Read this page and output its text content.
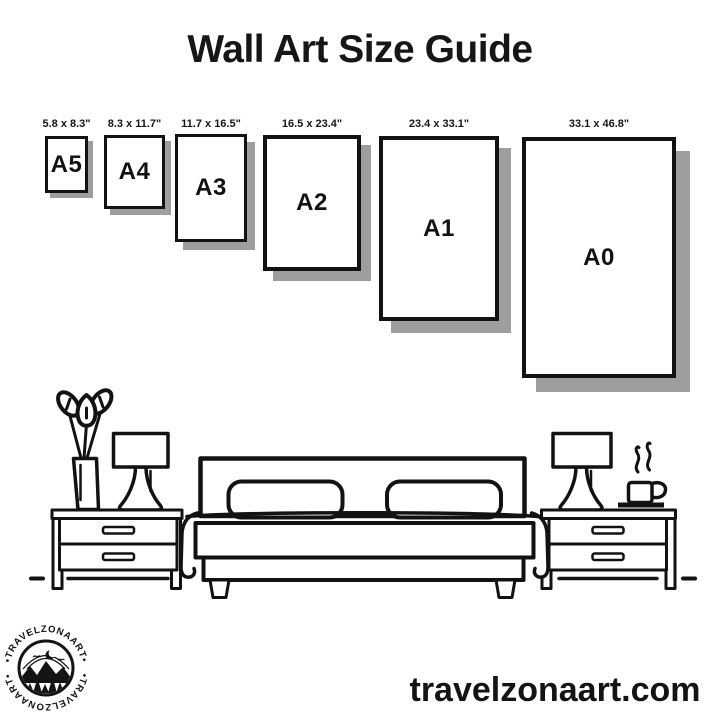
Wall Art Size Guide
5.8 x 8.3"	8.3 x 11.7"	11.7 x 16.5"	16.5 x 23.4"	23.4 x 33.1"	33.1 x 46.8"
A5 A4
A3
A2
A1
A0
•TRAVELZONAART•
•TRAVELZONAART•	travelzonaart.com
